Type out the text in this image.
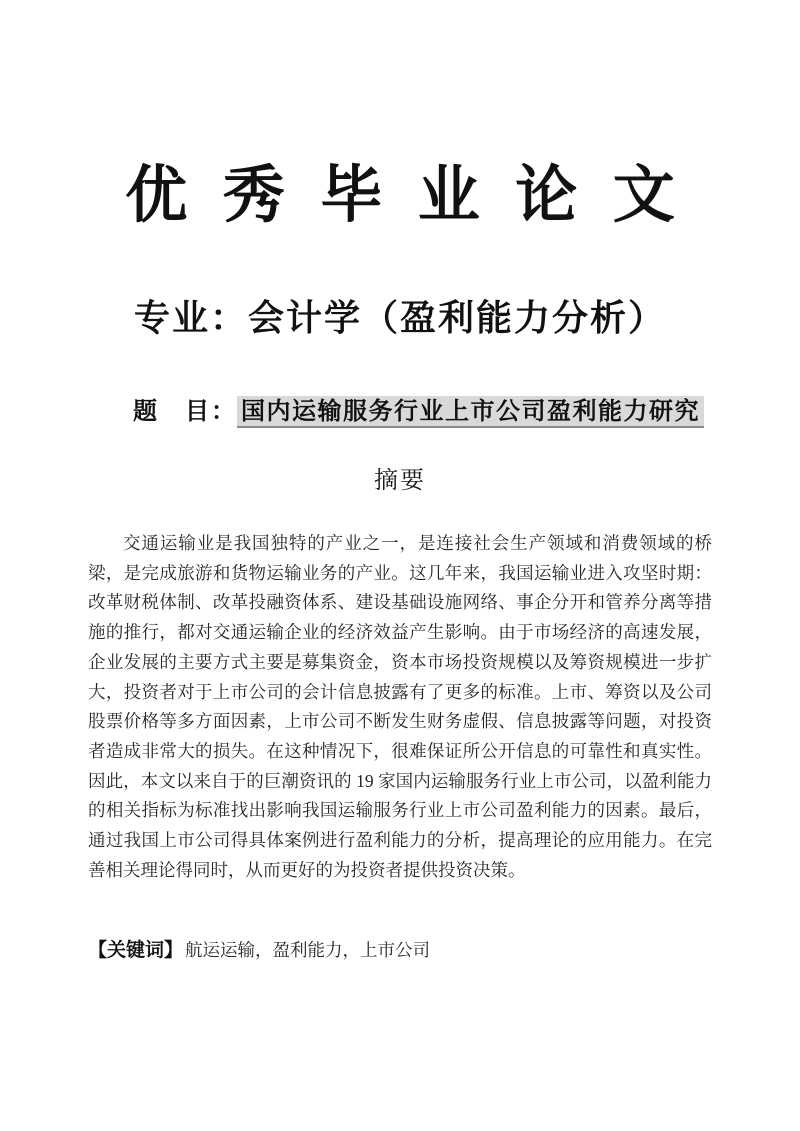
优 秀 毕 业 论 文
专业：会计学（盈利能力分析）
题　目： 国内运输服务行业上市公司盈利能力研究
摘要

交通运输业是我国独特的产业之一，是连接社会生产领域和消费领域的桥梁，是完成旅游和货物运输业务的产业。这几年来，我国运输业进入攻坚时期：改革财税体制、改革投融资体系、建设基础设施网络、事企分开和管养分离等措施的推行，都对交通运输企业的经济效益产生影响。由于市场经济的高速发展，企业发展的主要方式主要是募集资金，资本市场投资规模以及筹资规模进一步扩大，投资者对于上市公司的会计信息披露有了更多的标准。上市、筹资以及公司股票价格等多方面因素，上市公司不断发生财务虚假、信息披露等问题，对投资者造成非常大的损失。在这种情况下，很难保证所公开信息的可靠性和真实性。因此，本文以来自于的巨潮资讯的 19 家国内运输服务行业上市公司，以盈利能力的相关指标为标准找出影响我国运输服务行业上市公司盈利能力的因素。最后，通过我国上市公司得具体案例进行盈利能力的分析，提高理论的应用能力。在完善相关理论得同时，从而更好的为投资者提供投资决策。

【关键词】 航运运输，盈利能力，上市公司
